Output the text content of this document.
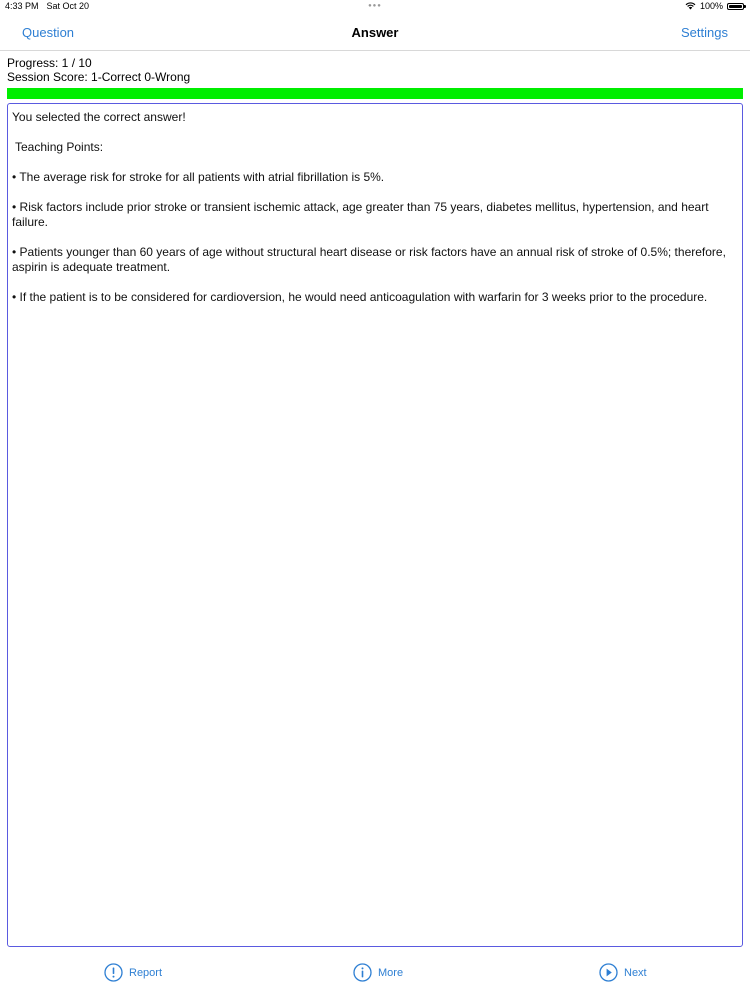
4:33 PM Sat Oct 20	●●●	100%
Question	Answer	Settings
Progress: 1 / 10
Session Score: 1-Correct 0-Wrong

You selected the correct answer!

Teaching Points:

• The average risk for stroke for all patients with atrial fibrillation is 5%.

• Risk factors include prior stroke or transient ischemic attack, age greater than 75 years, diabetes mellitus, hypertension, and heart failure.

• Patients younger than 60 years of age without structural heart disease or risk factors have an annual risk of stroke of 0.5%; therefore, aspirin is adequate treatment.

• If the patient is to be considered for cardioversion, he would need anticoagulation with warfarin for 3 weeks prior to the procedure.

Report	More	Next
